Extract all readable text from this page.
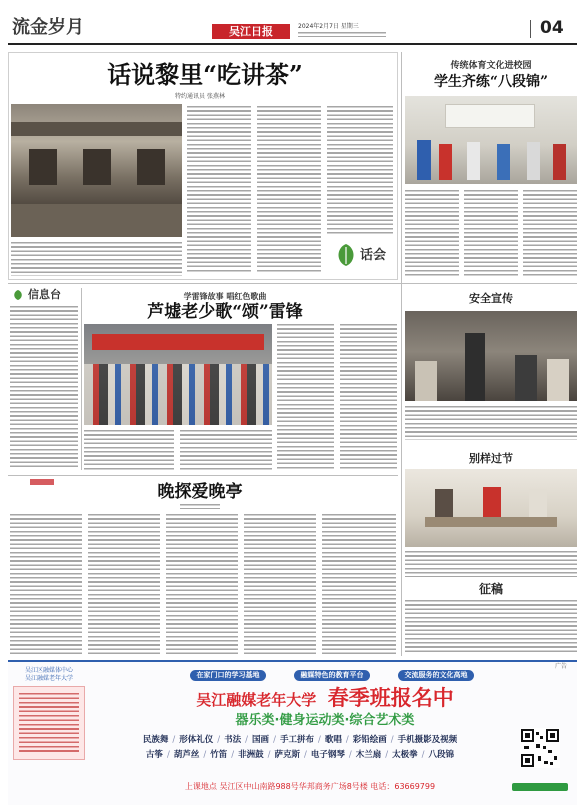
流金岁月	吴江日报	2024年2月7日 星期三	04
话说黎里“吃讲茶”
特约通讯员 张燕林
话会
传统体育文化进校园
学生齐练“八段锦”
信息台	学雷锋故事 唱红色歌曲
芦墟老少歌“颂”雷锋
安全宣传
别样过节
征稿
晚探爱晚亭
广告
吴江区融媒体中心
吴江融媒老年大学	在家门口的学习基地	融媒特色的教育平台	交流服务的文化高地
吴江融媒老年大学 春季班报名中
器乐类·健身运动类·综合艺术类
民族舞 / 形体礼仪 / 书法 / 国画 / 手工拼布 / 歌唱 / 彩铅绘画 / 手机摄影及视频
古筝 / 葫芦丝 / 竹笛 / 非洲鼓 / 萨克斯 / 电子钢琴 / 木兰扇 / 太极拳 / 八段锦
上课地点 吴江区中山南路988号华邦商务广场8号楼 电话：63669799
